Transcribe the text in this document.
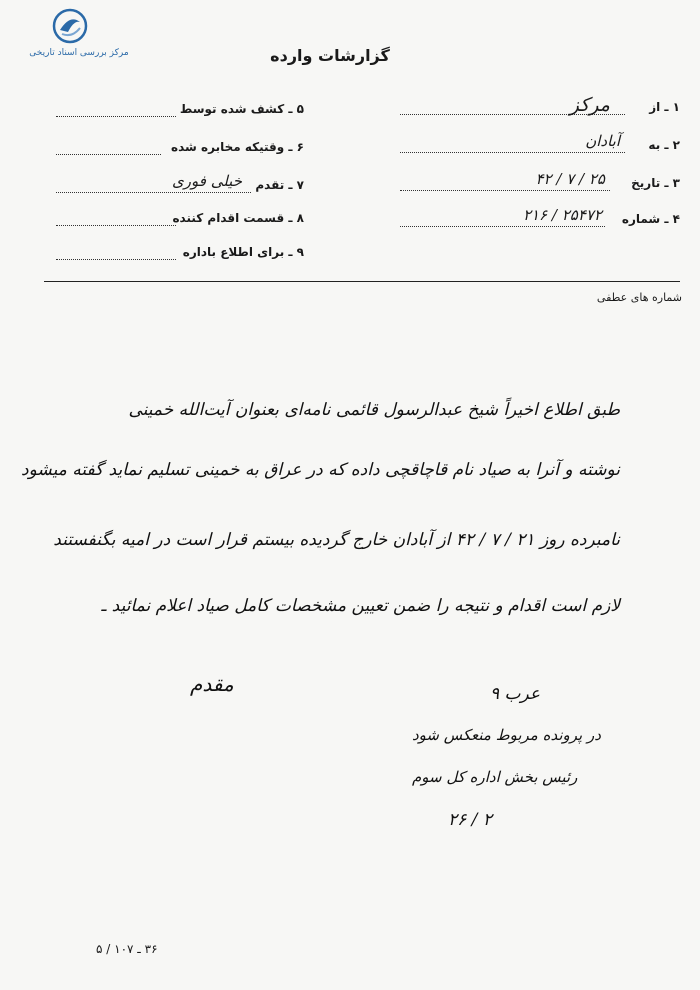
مرکز بررسی اسناد تاریخی	گزارشات وارده
۱ ـ از
مرکز
۲ ـ به
آبادان
۳ ـ تاریخ
۲۵ / ۷ / ۴۲
۴ ـ شماره
۲۵۴۷۲ / ۲۱۶
۵ ـ کشف شده توسط
۶ ـ وقتیکه مخابره شده
۷ ـ تقدم
خیلی فوری
۸ ـ قسمت اقدام کننده
۹ ـ برای اطلاع باداره
شماره های عطفی
طبق اطلاع اخیراً شیخ عبدالرسول قائمی نامه‌ای بعنوان آیت‌الله خمینی
نوشته و آنرا به صیاد نام قاچاقچی داده که در عراق به خمینی تسلیم نماید گفته میشود
نامبرده روز ۲۱ / ۷ / ۴۲ از آبادان خارج گردیده بیستم قرار است در امیه بگنفستند
لازم است اقدام و نتیجه را ضمن تعیین مشخصات کامل صیاد اعلام نمائید ـ
مقدم	عرب ۹
در پرونده مربوط منعکس شود
رئیس بخش اداره کل سوم
۲ / ۲۶
۳۶ ـ ۱۰۷ / ۵
